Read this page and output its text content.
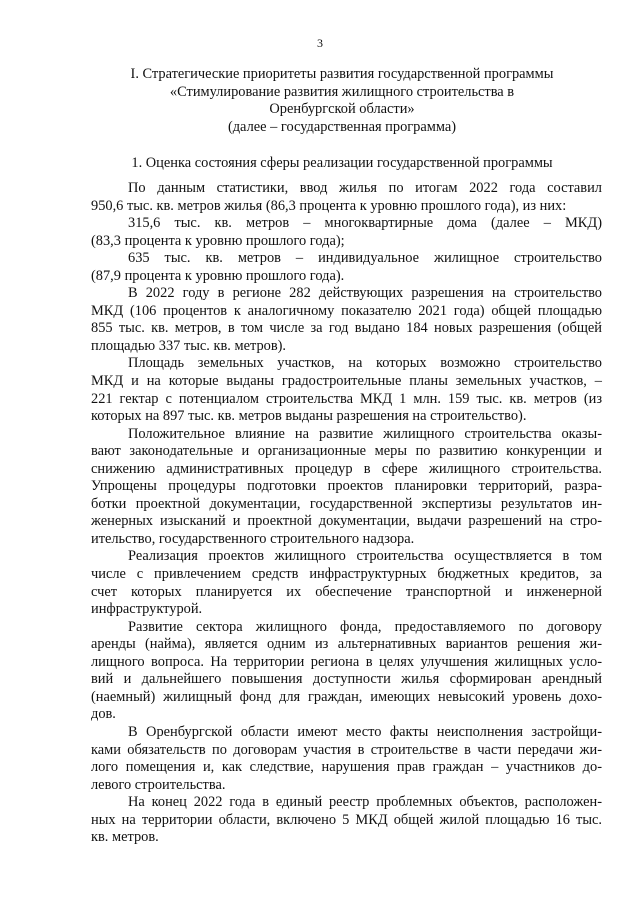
3
I. Стратегические приоритеты развития государственной программы
«Стимулирование развития жилищного строительства в
Оренбургской области»
(далее – государственная программа)
1. Оценка состояния сферы реализации государственной программы
По данным статистики, ввод жилья по итогам 2022 года составил
950,6 тыс. кв. метров жилья (86,3 процента к уровню прошлого года), из них:
315,6 тыс. кв. метров – многоквартирные дома (далее – МКД)
(83,3 процента к уровню прошлого года);
635 тыс. кв. метров – индивидуальное жилищное строительство
(87,9 процента к уровню прошлого года).
В 2022 году в регионе 282 действующих разрешения на строительство
МКД (106 процентов к аналогичному показателю 2021 года) общей площадью
855 тыс. кв. метров, в том числе за год выдано 184 новых разрешения (общей
площадью 337 тыс. кв. метров).
Площадь земельных участков, на которых возможно строительство
МКД и на которые выданы градостроительные планы земельных участков, –
221 гектар с потенциалом строительства МКД 1 млн. 159 тыс. кв. метров (из
которых на 897 тыс. кв. метров выданы разрешения на строительство).
Положительное влияние на развитие жилищного строительства оказы-
вают законодательные и организационные меры по развитию конкуренции и
снижению административных процедур в сфере жилищного строительства.
Упрощены процедуры подготовки проектов планировки территорий, разра-
ботки проектной документации, государственной экспертизы результатов ин-
женерных изысканий и проектной документации, выдачи разрешений на стро-
ительство, государственного строительного надзора.
Реализация проектов жилищного строительства осуществляется в том
числе с привлечением средств инфраструктурных бюджетных кредитов, за
счет которых планируется их обеспечение транспортной и инженерной
инфраструктурой.
Развитие сектора жилищного фонда, предоставляемого по договору
аренды (найма), является одним из альтернативных вариантов решения жи-
лищного вопроса. На территории региона в целях улучшения жилищных усло-
вий и дальнейшего повышения доступности жилья сформирован арендный
(наемный) жилищный фонд для граждан, имеющих невысокий уровень дохо-
дов.
В Оренбургской области имеют место факты неисполнения застройщи-
ками обязательств по договорам участия в строительстве в части передачи жи-
лого помещения и, как следствие, нарушения прав граждан – участников до-
левого строительства.
На конец 2022 года в единый реестр проблемных объектов, расположен-
ных на территории области, включено 5 МКД общей жилой площадью 16 тыс.
кв. метров.
